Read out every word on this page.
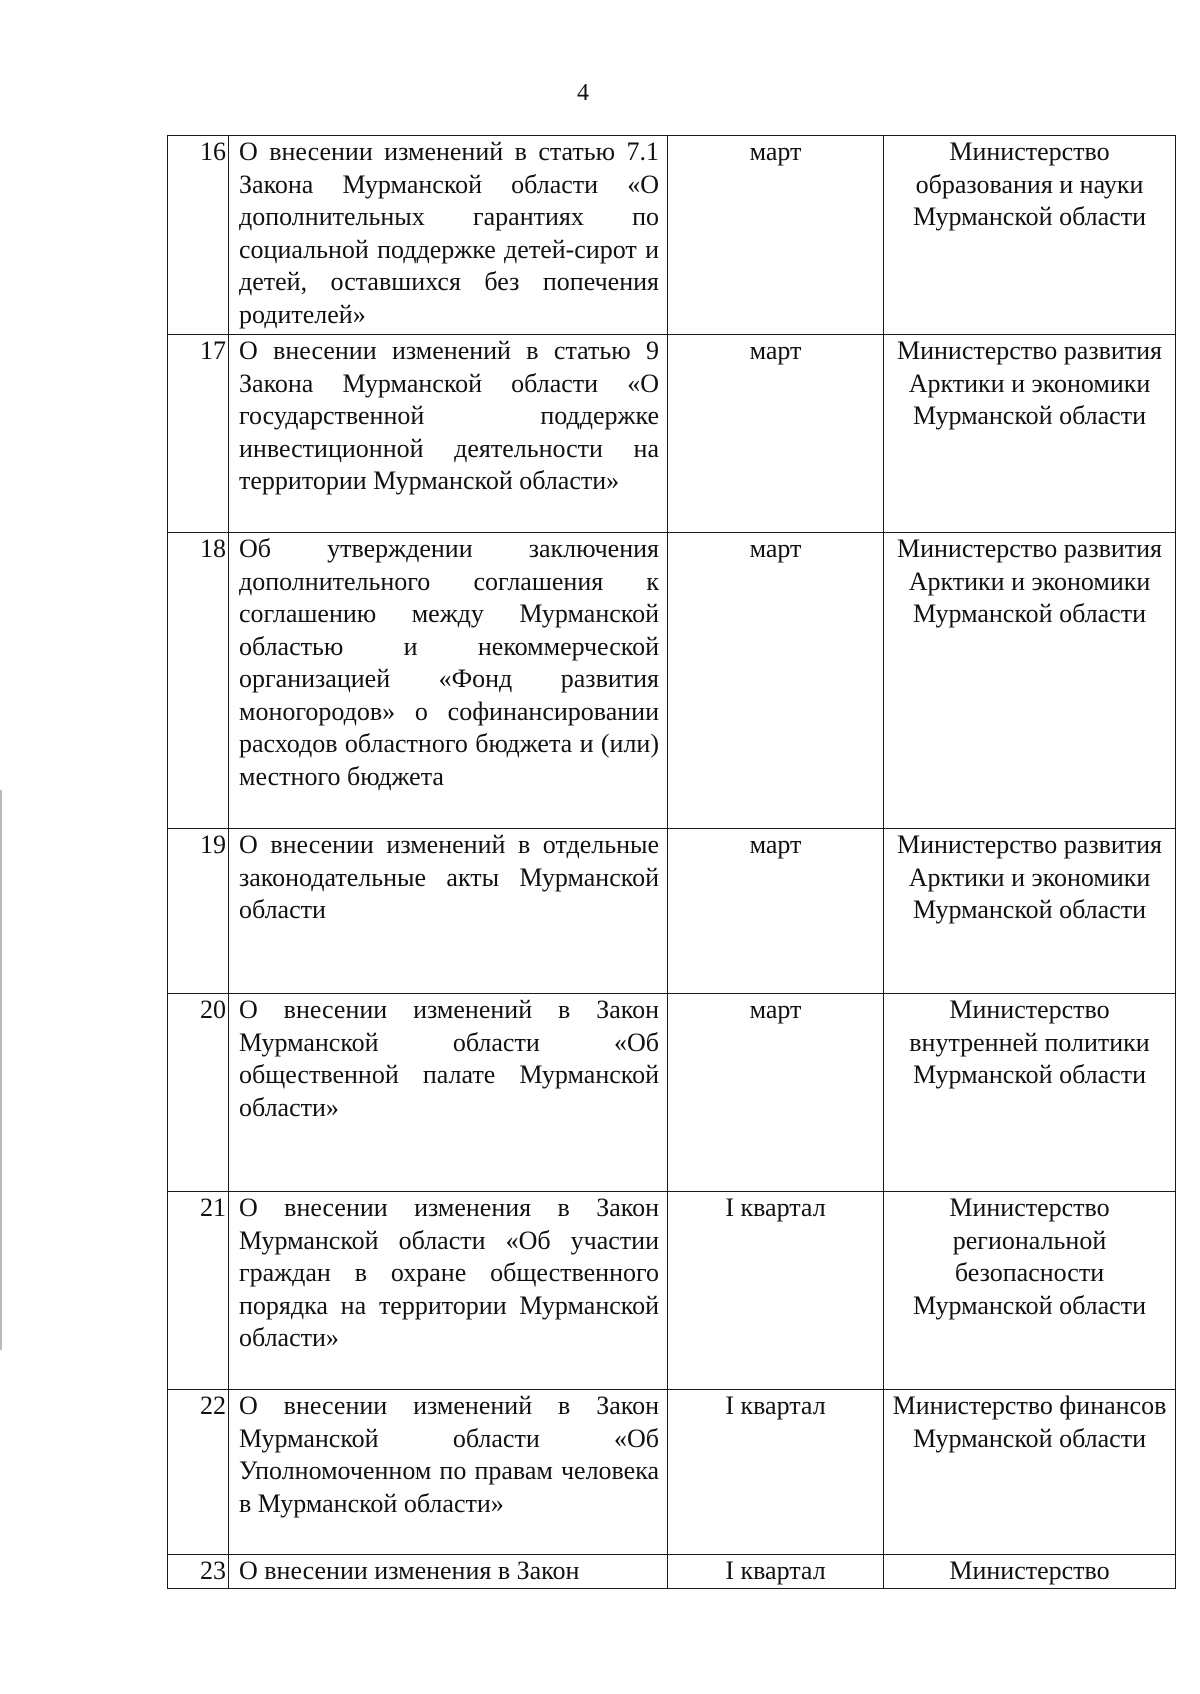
4
16	О внесении изменений в статью 7.1 Закона Мурманской области «О дополнительных гарантиях по социальной поддержке детей-сирот и детей, оставшихся без попечения родителей»	март	Министерство образования и науки Мурманской области
17	О внесении изменений в статью 9 Закона Мурманской области «О государственной поддержке инвестиционной деятельности на территории Мурманской области»	март	Министерство развития Арктики и экономики Мурманской области
18	Об утверждении заключения дополнительного соглашения к соглашению между Мурманской областью и некоммерческой организацией «Фонд развития моногородов» о софинансировании расходов областного бюджета и (или) местного бюджета	март	Министерство развития Арктики и экономики Мурманской области
19	О внесении изменений в отдельные законодательные акты Мурманской области	март	Министерство развития Арктики и экономики Мурманской области
20	О внесении изменений в Закон Мурманской области «Об общественной палате Мурманской области»	март	Министерство внутренней политики Мурманской области
21	О внесении изменения в Закон Мурманской области «Об участии граждан в охране общественного порядка на территории Мурманской области»	I квартал	Министерство региональной безопасности Мурманской области
22	О внесении изменений в Закон Мурманской области «Об Уполномоченном по правам человека в Мурманской области»	I квартал	Министерство финансов Мурманской области
23	О внесении изменения в Закон	I квартал	Министерство
